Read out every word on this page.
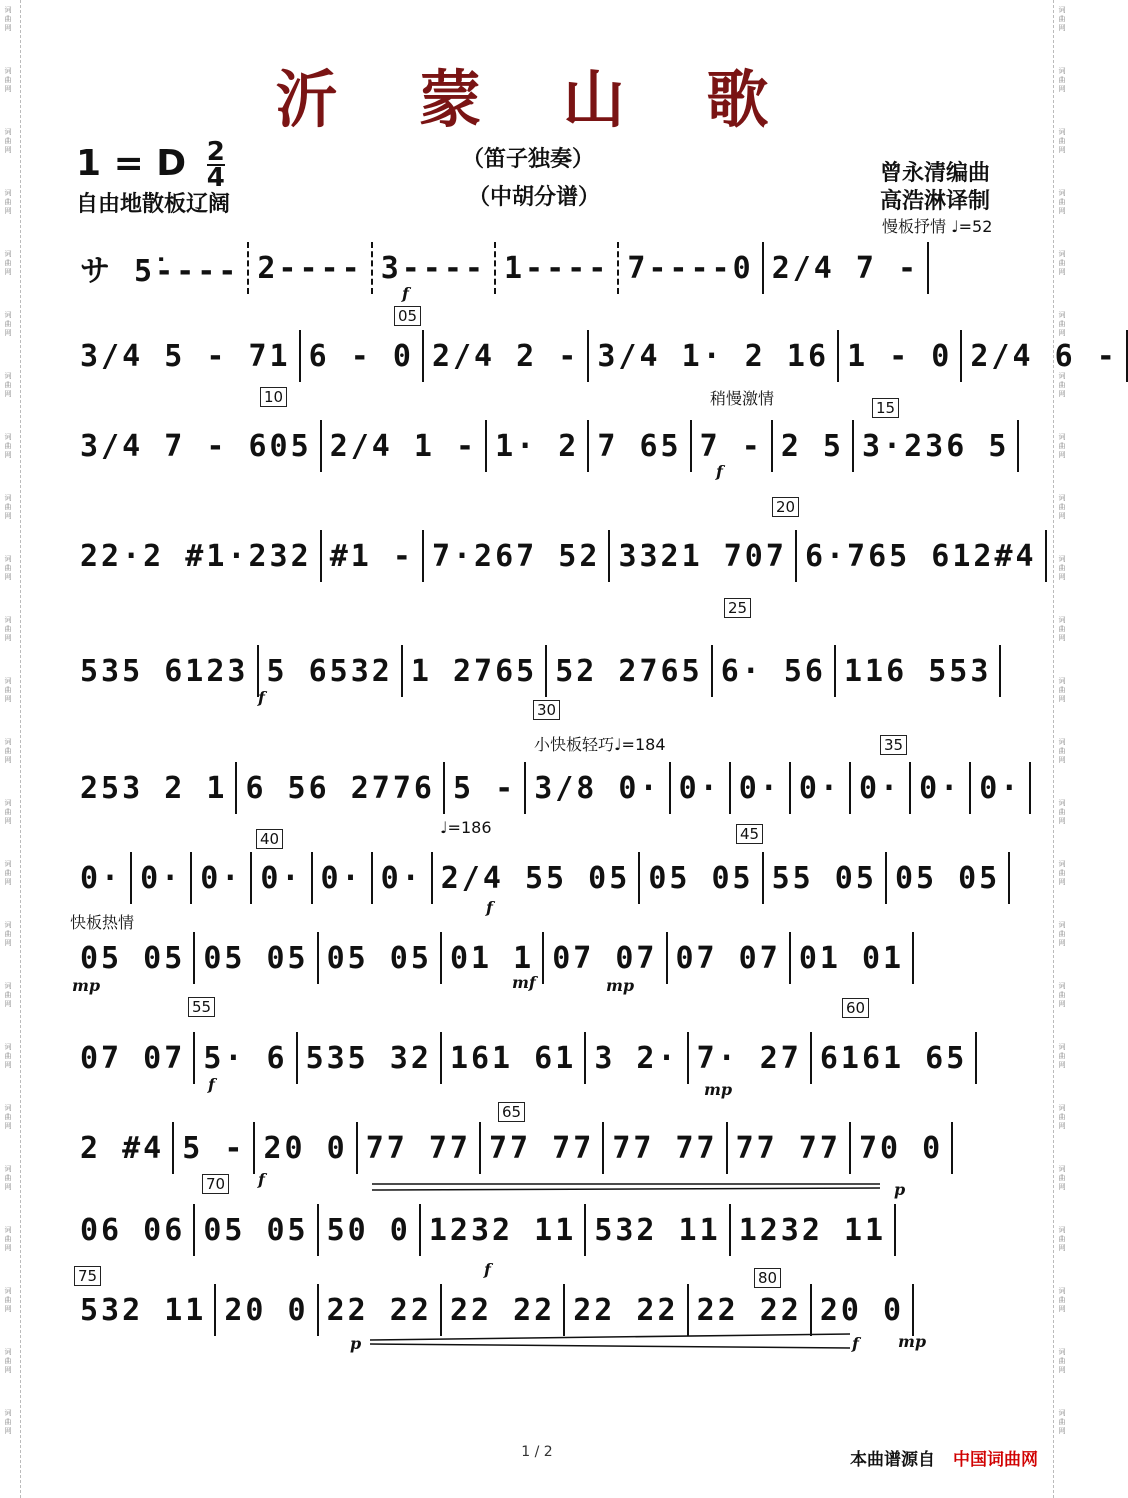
词曲网
词曲网
词曲网
词曲网
词曲网
词曲网
词曲网
词曲网
词曲网
词曲网
词曲网
词曲网
词曲网
词曲网
词曲网
词曲网
词曲网
词曲网
词曲网
词曲网
词曲网
词曲网
词曲网
词曲网
词曲网
词曲网
词曲网
词曲网
词曲网
词曲网
词曲网
词曲网
词曲网
词曲网
词曲网
词曲网
词曲网
词曲网
词曲网
词曲网
词曲网
词曲网
词曲网
词曲网
词曲网
词曲网
词曲网
词曲网
沂 蒙 山 歌
1 = D $\frac{2}{4}$
自由地散板辽阔
（笛子独奏）
（中胡分谱）
曾永清编曲
高浩淋译制
慢板抒情 ♩=52
サ 5̇---- 2---- 3---- 1---- 7----0 2/4 7 -
f
05
3/4 5 - 71 6 - 0 2/4 2 - 3/4 1· 2 16 1 - 0 2/4 6 -
10	稍慢激情	15
3/4 7 - 605 2/4 1 - 1· 2 7 65 7 - 2 5 3·236 5
f
20
22·2 #1·232 #1 - 7·267 52 3321 707 6·765 612#4
25
535 6123 5 6532 1 2765 52 2765 6· 56 116 553
f
30
小快板轻巧♩=184	35
253 2 1 6 56 2776 5 - 3/8 0· 0· 0· 0· 0· 0· 0·
♩=186
40	45
0· 0· 0· 0· 0· 0· 2/4 55 05 05 05 55 05 05 05
f
快板热情
05 05 05 05 05 05 01 1 07 07 07 07 01 01
mp	mf	mp
55	60
07 07 5· 6 535 32 161 61 3 2· 7· 27 6161 65
f	mp
65
2 #4 5 - 20 0 77 77 77 77 77 77 77 77 70 0
f
p
70
06 06 05 05 50 0 1232 11 532 11 1232 11
f
75	80
532 11 20 0 22 22 22 22 22 22 22 22 20 0
p	f mp
1 / 2	本曲谱源自 中国词曲网
